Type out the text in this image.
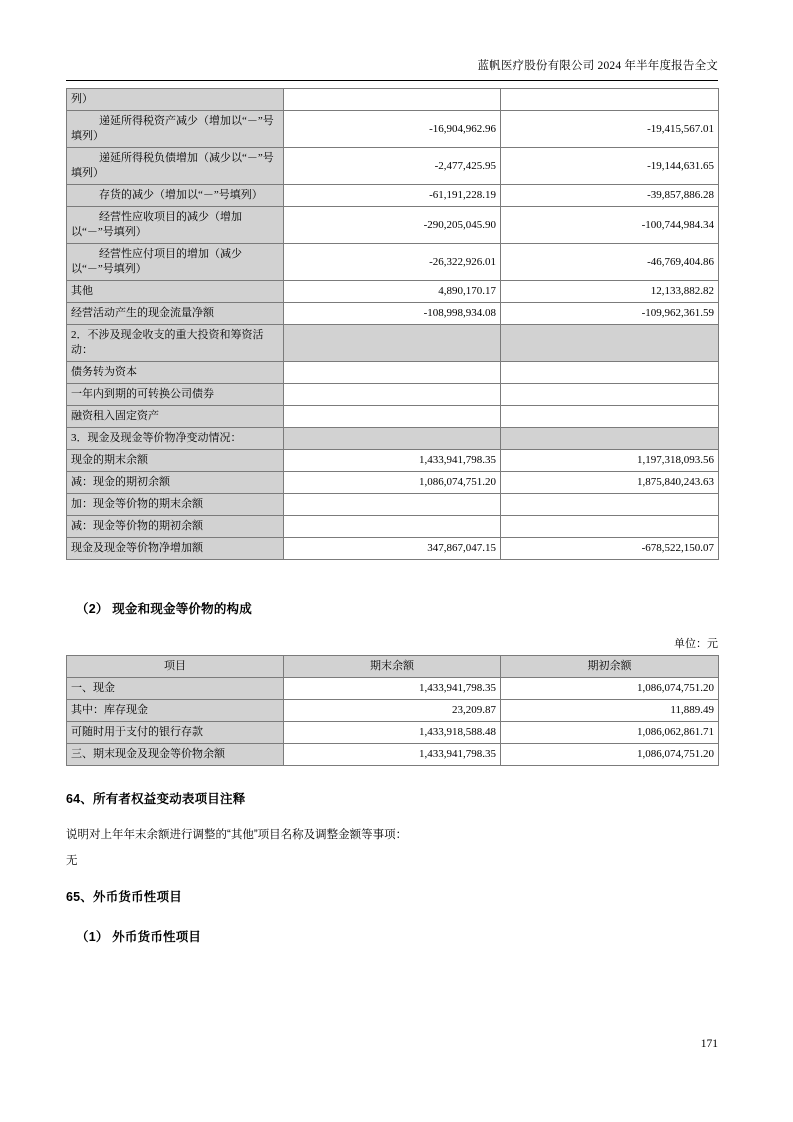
蓝帆医疗股份有限公司 2024 年半年度报告全文
列）		
递延所得税资产减少（增加以“－”号填列）	-16,904,962.96	-19,415,567.01
递延所得税负债增加（减少以“－”号填列）	-2,477,425.95	-19,144,631.65
存货的减少（增加以“－”号填列）	-61,191,228.19	-39,857,886.28
经营性应收项目的减少（增加以“－”号填列）	-290,205,045.90	-100,744,984.34
经营性应付项目的增加（减少以“－”号填列）	-26,322,926.01	-46,769,404.86
其他	4,890,170.17	12,133,882.82
经营活动产生的现金流量净额	-108,998,934.08	-109,962,361.59
2．不涉及现金收支的重大投资和筹资活动：		
债务转为资本		
一年内到期的可转换公司债券		
融资租入固定资产		
3．现金及现金等价物净变动情况：		
现金的期末余额	1,433,941,798.35	1,197,318,093.56
减：现金的期初余额	1,086,074,751.20	1,875,840,243.63
加：现金等价物的期末余额		
减：现金等价物的期初余额		
现金及现金等价物净增加额	347,867,047.15	-678,522,150.07
（2） 现金和现金等价物的构成
单位：元
项目	期末余额	期初余额
一、现金	1,433,941,798.35	1,086,074,751.20
其中：库存现金	23,209.87	11,889.49
可随时用于支付的银行存款	1,433,918,588.48	1,086,062,861.71
三、期末现金及现金等价物余额	1,433,941,798.35	1,086,074,751.20
64、所有者权益变动表项目注释
说明对上年年末余额进行调整的“其他”项目名称及调整金额等事项：
无
65、外币货币性项目
（1） 外币货币性项目
171
